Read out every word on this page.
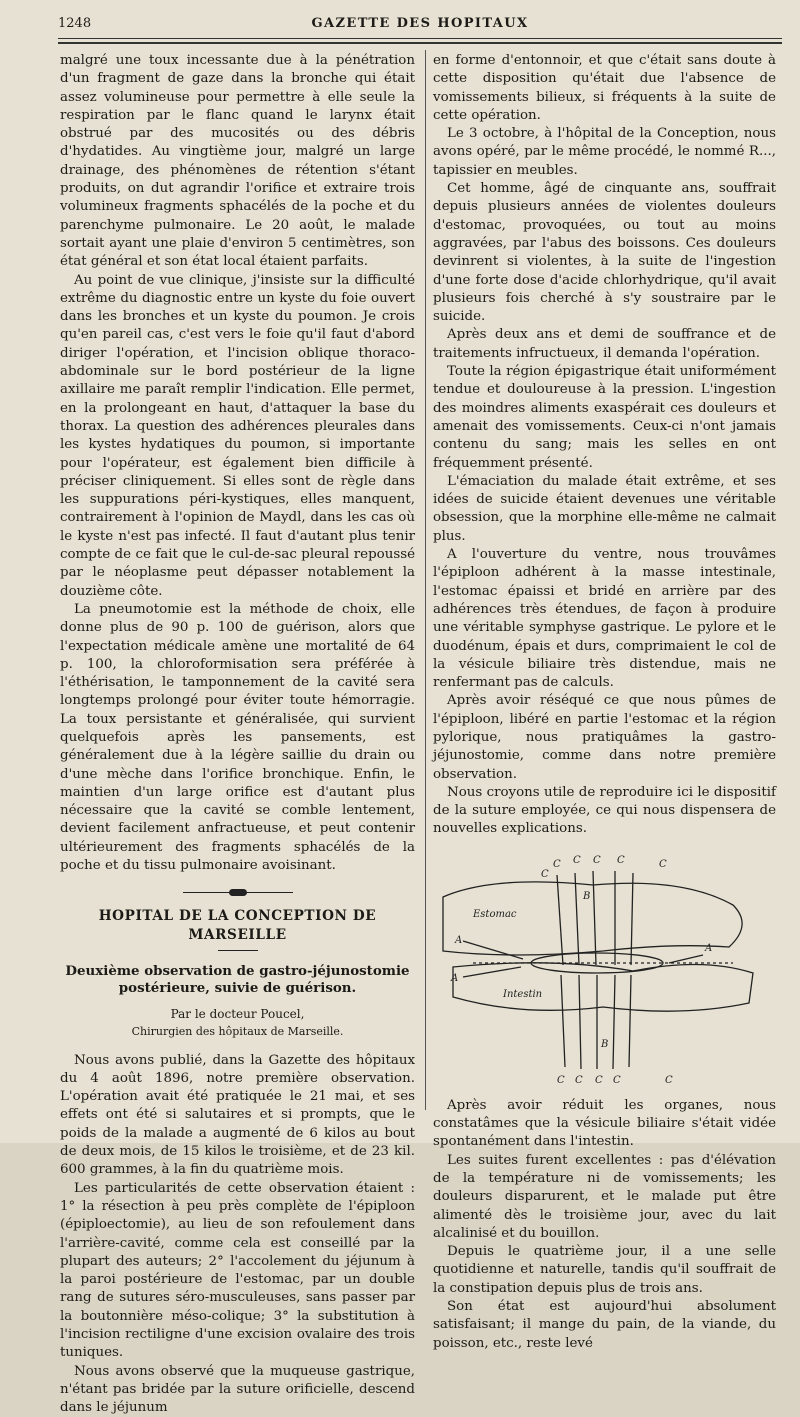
1248	GAZETTE DES HOPITAUX

malgré une toux incessante due à la pénétration d'un fragment de gaze dans la bronche qui était assez volumineuse pour permettre à elle seule la respiration par le flanc quand le larynx était obstrué par des mucosités ou des débris d'hydatides. Au vingtième jour, malgré un large drainage, des phénomènes de rétention s'étant produits, on dut agrandir l'orifice et extraire trois volumineux fragments sphacélés de la poche et du parenchyme pulmonaire. Le 20 août, le malade sortait ayant une plaie d'environ 5 centimètres, son état général et son état local étaient parfaits.

Au point de vue clinique, j'insiste sur la difficulté extrême du diagnostic entre un kyste du foie ouvert dans les bronches et un kyste du poumon. Je crois qu'en pareil cas, c'est vers le foie qu'il faut d'abord diriger l'opération, et l'incision oblique thoraco-abdominale sur le bord postérieur de la ligne axillaire me paraît remplir l'indication. Elle permet, en la prolongeant en haut, d'attaquer la base du thorax. La question des adhérences pleurales dans les kystes hydatiques du poumon, si importante pour l'opérateur, est également bien difficile à préciser cliniquement. Si elles sont de règle dans les suppurations péri-kystiques, elles manquent, contrairement à l'opinion de Maydl, dans les cas où le kyste n'est pas infecté. Il faut d'autant plus tenir compte de ce fait que le cul-de-sac pleural repoussé par le néoplasme peut dépasser notablement la douzième côte.

La pneumotomie est la méthode de choix, elle donne plus de 90 p. 100 de guérison, alors que l'expectation médicale amène une mortalité de 64 p. 100, la chloroformisation sera préférée à l'éthérisation, le tamponnement de la cavité sera longtemps prolongé pour éviter toute hémorragie. La toux persistante et généralisée, qui survient quelquefois après les pansements, est généralement due à la légère saillie du drain ou d'une mèche dans l'orifice bronchique. Enfin, le maintien d'un large orifice est d'autant plus nécessaire que la cavité se comble lentement, devient facilement anfractueuse, et peut contenir ultérieurement des fragments sphacélés de la poche et du tissu pulmonaire avoisinant.

HOPITAL DE LA CONCEPTION DE MARSEILLE
Deuxième observation de gastro-jéjunostomie postérieure, suivie de guérison.
Par le docteur Poucel,
Chirurgien des hôpitaux de Marseille.

Nous avons publié, dans la Gazette des hôpitaux du 4 août 1896, notre première observation. L'opération avait été pratiquée le 21 mai, et ses effets ont été si salutaires et si prompts, que le poids de la malade a augmenté de 6 kilos au bout de deux mois, de 15 kilos le troisième, et de 23 kil. 600 grammes, à la fin du quatrième mois.

Les particularités de cette observation étaient : 1° la résection à peu près complète de l'épiploon (épiploectomie), au lieu de son refoulement dans l'arrière-cavité, comme cela est conseillé par la plupart des auteurs; 2° l'accolement du jéjunum à la paroi postérieure de l'estomac, par un double rang de sutures séro-musculeuses, sans passer par la boutonnière méso-colique; 3° la substitution à l'incision rectiligne d'une excision ovalaire des trois tuniques.

Nous avons observé que la muqueuse gastrique, n'étant pas bridée par la suture orificielle, descend dans le jéjunum

en forme d'entonnoir, et que c'était sans doute à cette disposition qu'était due l'absence de vomissements bilieux, si fréquents à la suite de cette opération.

Le 3 octobre, à l'hôpital de la Conception, nous avons opéré, par le même procédé, le nommé R..., tapissier en meubles.

Cet homme, âgé de cinquante ans, souffrait depuis plusieurs années de violentes douleurs d'estomac, provoquées, ou tout au moins aggravées, par l'abus des boissons. Ces douleurs devinrent si violentes, à la suite de l'ingestion d'une forte dose d'acide chlorhydrique, qu'il avait plusieurs fois cherché à s'y soustraire par le suicide.

Après deux ans et demi de souffrance et de traitements infructueux, il demanda l'opération.

Toute la région épigastrique était uniformément tendue et douloureuse à la pression. L'ingestion des moindres aliments exaspérait ces douleurs et amenait des vomissements. Ceux-ci n'ont jamais contenu du sang; mais les selles en ont fréquemment présenté.

L'émaciation du malade était extrême, et ses idées de suicide étaient devenues une véritable obsession, que la morphine elle-même ne calmait plus.

A l'ouverture du ventre, nous trouvâmes l'épiploon adhérent à la masse intestinale, l'estomac épaissi et bridé en arrière par des adhérences très étendues, de façon à produire une véritable symphyse gastrique. Le pylore et le duodénum, épais et durs, comprimaient le col de la vésicule biliaire très distendue, mais ne renfermant pas de calculs.

Après avoir réséqué ce que nous pûmes de l'épiploon, libéré en partie l'estomac et la région pylorique, nous pratiquâmes la gastro-jéjunostomie, comme dans notre première observation.

Nous croyons utile de reproduire ici le dispositif de la suture employée, ce qui nous dispensera de nouvelles explications.

Estomac
Intestin
C C C C	C
C
A
A
A
B
B
C C C C	C

Après avoir réduit les organes, nous constatâmes que la vésicule biliaire s'était vidée spontanément dans l'intestin.

Les suites furent excellentes : pas d'élévation de la température ni de vomissements; les douleurs disparurent, et le malade put être alimenté dès le troisième jour, avec du lait alcalinisé et du bouillon.

Depuis le quatrième jour, il a une selle quotidienne et naturelle, tandis qu'il souffrait de la constipation depuis plus de trois ans.

Son état est aujourd'hui absolument satisfaisant; il mange du pain, de la viande, du poisson, etc., reste levé
